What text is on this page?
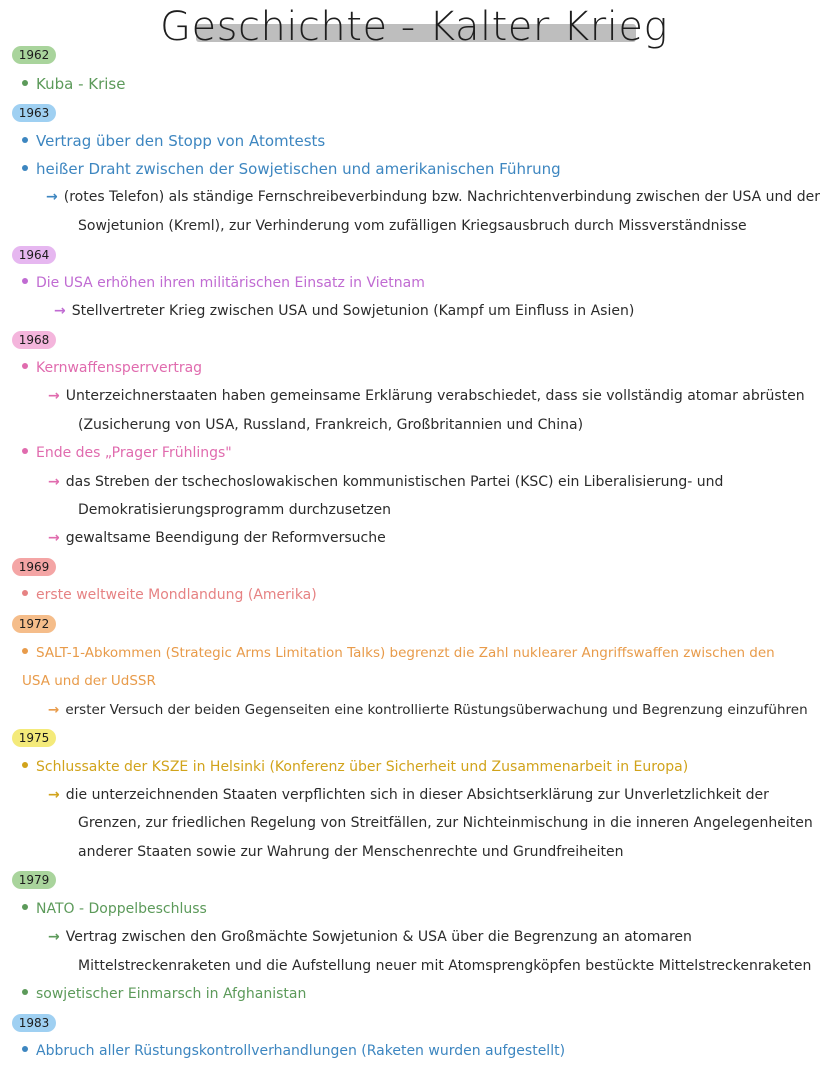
Geschichte - Kalter Krieg
1962
Kuba - Krise
1963
Vertrag über den Stopp von Atomtests
heißer Draht zwischen der Sowjetischen und amerikanischen Führung
→ (rotes Telefon) als ständige Fernschreibeverbindung bzw. Nachrichtenverbindung zwischen der USA und der
Sowjetunion (Kreml), zur Verhinderung vom zufälligen Kriegsausbruch durch Missverständnisse
1964
Die USA erhöhen ihren militärischen Einsatz in Vietnam
→ Stellvertreter Krieg zwischen USA und Sowjetunion (Kampf um Einfluss in Asien)
1968
Kernwaffensperrvertrag
→ Unterzeichnerstaaten haben gemeinsame Erklärung verabschiedet, dass sie vollständig atomar abrüsten
(Zusicherung von USA, Russland, Frankreich, Großbritannien und China)
Ende des „Prager Frühlings"
→ das Streben der tschechoslowakischen kommunistischen Partei (KSC) ein Liberalisierung- und
Demokratisierungsprogramm durchzusetzen
→ gewaltsame Beendigung der Reformversuche
1969
erste weltweite Mondlandung (Amerika)
1972
SALT-1-Abkommen (Strategic Arms Limitation Talks) begrenzt die Zahl nuklearer Angriffswaffen zwischen den
USA und der UdSSR
→ erster Versuch der beiden Gegenseiten eine kontrollierte Rüstungsüberwachung und Begrenzung einzuführen
1975
Schlussakte der KSZE in Helsinki (Konferenz über Sicherheit und Zusammenarbeit in Europa)
→ die unterzeichnenden Staaten verpflichten sich in dieser Absichtserklärung zur Unverletzlichkeit der
Grenzen, zur friedlichen Regelung von Streitfällen, zur Nichteinmischung in die inneren Angelegenheiten
anderer Staaten sowie zur Wahrung der Menschenrechte und Grundfreiheiten
1979
NATO - Doppelbeschluss
→ Vertrag zwischen den Großmächte Sowjetunion & USA über die Begrenzung an atomaren
Mittelstreckenraketen und die Aufstellung neuer mit Atomsprengköpfen bestückte Mittelstreckenraketen
sowjetischer Einmarsch in Afghanistan
1983
Abbruch aller Rüstungskontrollverhandlungen (Raketen wurden aufgestellt)
